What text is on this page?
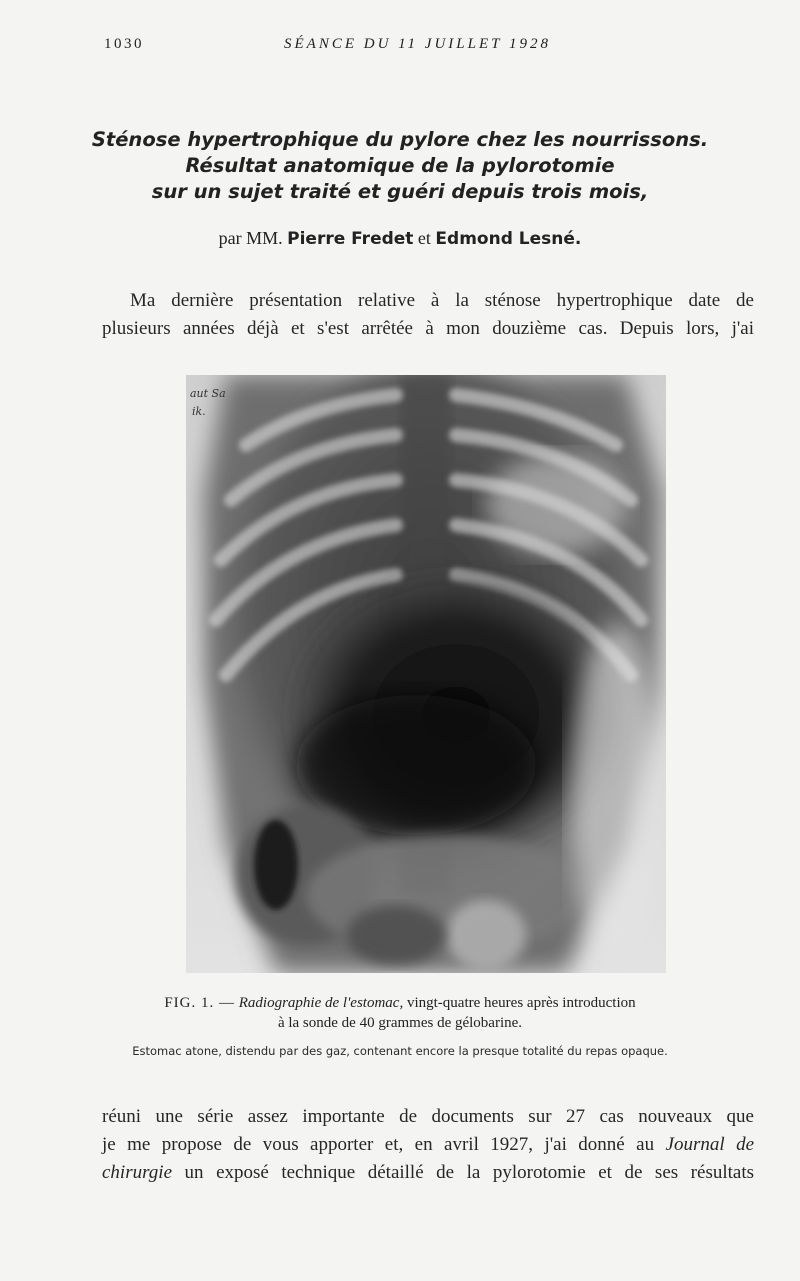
1030	SÉANCE DU 11 JUILLET 1928
Sténose hypertrophique du pylore chez les nourrissons.
Résultat anatomique de la pylorotomie
sur un sujet traité et guéri depuis trois mois,
par MM. Pierre Fredet et Edmond Lesné.
Ma dernière présentation relative à la sténose hypertrophique date de
plusieurs années déjà et s'est arrêtée à mon douzième cas. Depuis lors, j'ai
aut Sa
ik.
FIG. 1. — Radiographie de l'estomac, vingt-quatre heures après introduction
à la sonde de 40 grammes de gélobarine.
Estomac atone, distendu par des gaz, contenant encore la presque totalité du repas opaque.
réuni une série assez importante de documents sur 27 cas nouveaux que
je me propose de vous apporter et, en avril 1927, j'ai donné au Journal de
chirurgie un exposé technique détaillé de la pylorotomie et de ses résultats
